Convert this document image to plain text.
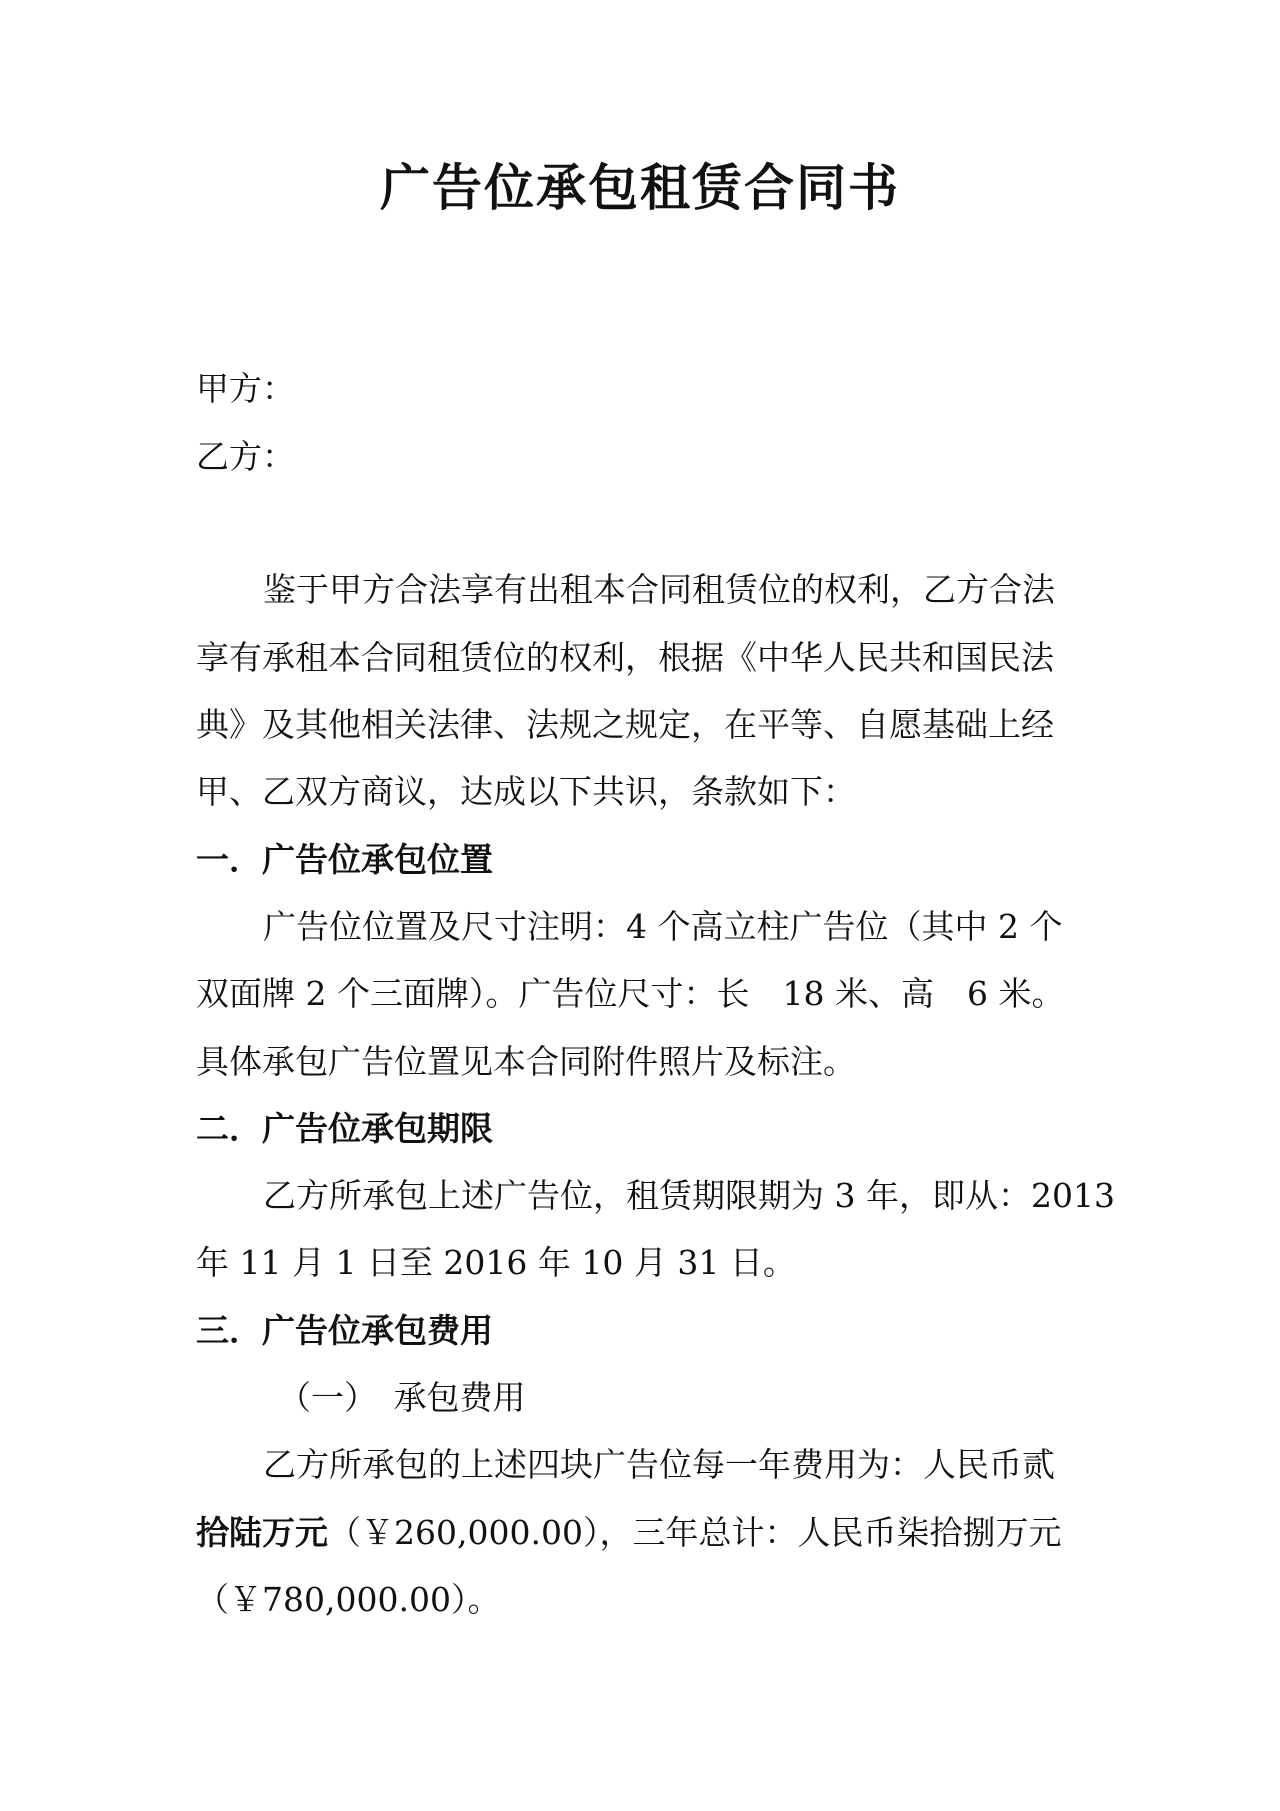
广告位承包租赁合同书
甲方：
乙方：
鉴于甲方合法享有出租本合同租赁位的权利，乙方合法
享有承租本合同租赁位的权利，根据《中华人民共和国民法
典》及其他相关法律、法规之规定，在平等、自愿基础上经
甲、乙双方商议，达成以下共识，条款如下：
一．广告位承包位置
广告位位置及尺寸注明：4 个高立柱广告位（其中 2 个
双面牌 2 个三面牌）。广告位尺寸：长　18 米、高　6 米。
具体承包广告位置见本合同附件照片及标注。
二．广告位承包期限
乙方所承包上述广告位，租赁期限期为 3 年，即从：2013
年 11 月 1 日至 2016 年 10 月 31 日。
三．广告位承包费用
（一）　承包费用
乙方所承包的上述四块广告位每一年费用为：人民币贰
拾陆万元（￥260,000.00），三年总计：人民币柒拾捌万元
（￥780,000.00）。
